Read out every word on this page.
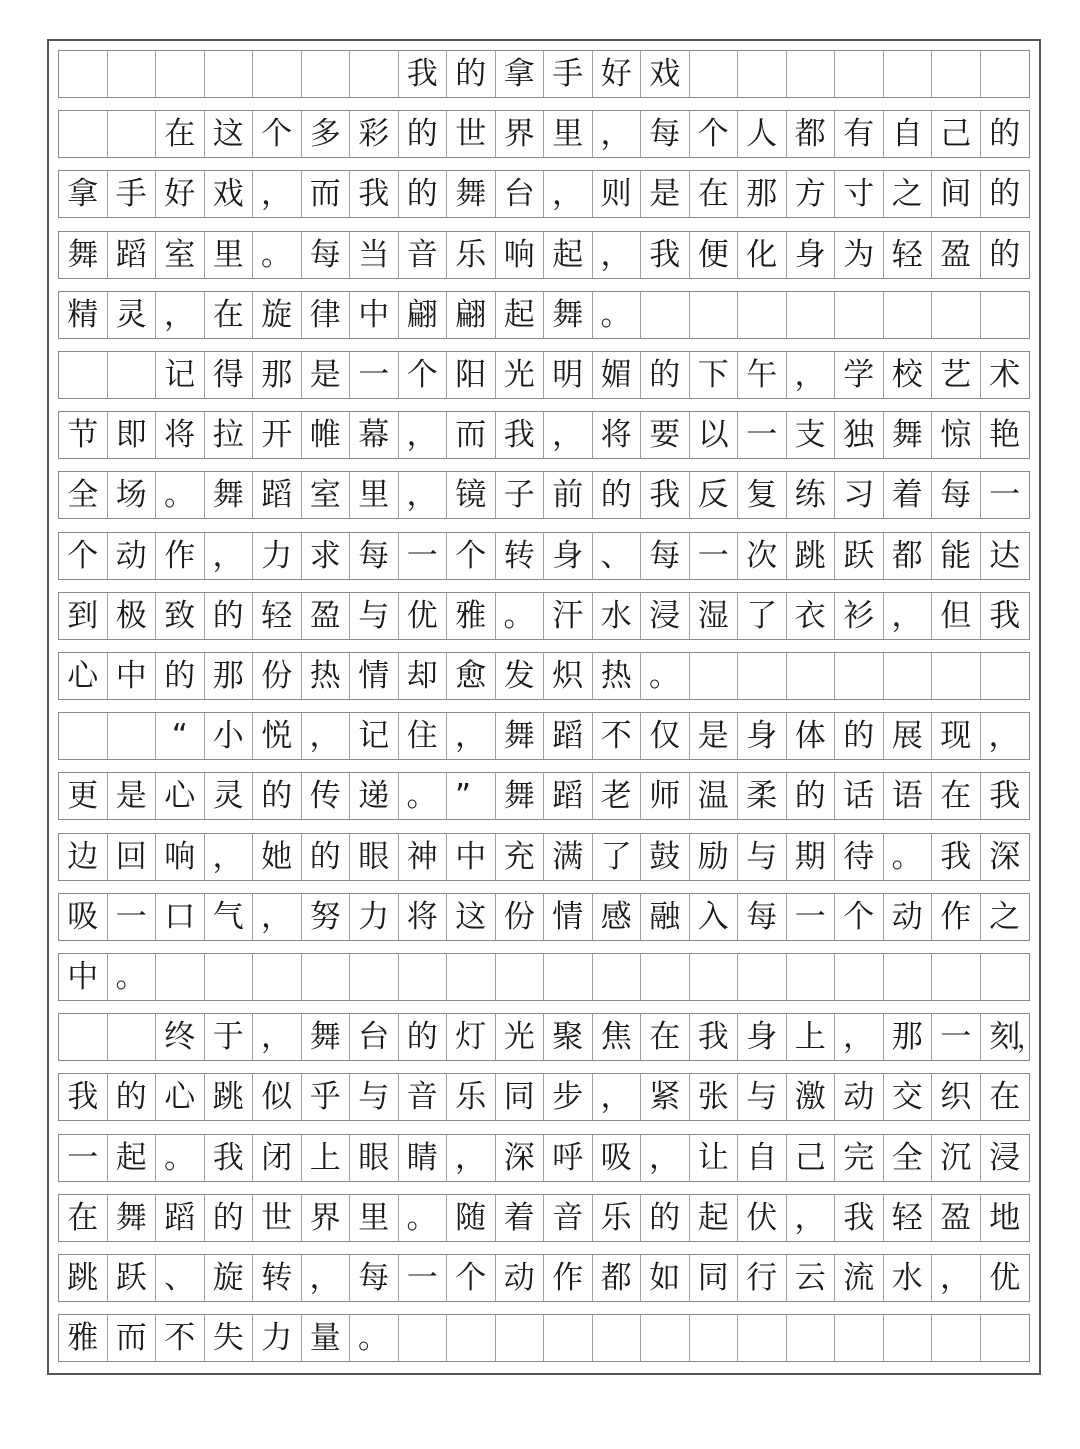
我 的 拿 手 好 戏
在 这 个 多 彩 的 世 界 里 ， 每 个 人 都 有 自 己 的
拿 手 好 戏 ， 而 我 的 舞 台 ， 则 是 在 那 方 寸 之 间 的
舞 蹈 室 里 。 每 当 音 乐 响 起 ， 我 便 化 身 为 轻 盈 的
精 灵 ， 在 旋 律 中 翩 翩 起 舞 。
记 得 那 是 一 个 阳 光 明 媚 的 下 午 ， 学 校 艺 术
节 即 将 拉 开 帷 幕 ， 而 我 ， 将 要 以 一 支 独 舞 惊 艳
全 场 。 舞 蹈 室 里 ， 镜 子 前 的 我 反 复 练 习 着 每 一
个 动 作 ， 力 求 每 一 个 转 身 、 每 一 次 跳 跃 都 能 达
到 极 致 的 轻 盈 与 优 雅 。 汗 水 浸 湿 了 衣 衫 ， 但 我
心 中 的 那 份 热 情 却 愈 发 炽 热 。
“ 小 悦 ， 记 住 ， 舞 蹈 不 仅 是 身 体 的 展 现 ，
更 是 心 灵 的 传 递 。 ”	舞 蹈 老 师 温 柔 的 话 语 在 我
边 回 响 ， 她 的 眼 神 中 充 满 了 鼓 励 与 期 待 。 我 深
吸 一 口 气 ， 努 力 将 这 份 情 感 融 入 每 一 个 动 作 之
中 。
终 于 ， 舞 台 的 灯 光 聚 焦 在 我 身 上 ， 那 一 刻
，
我 的 心 跳 似 乎 与 音 乐 同 步 ， 紧 张 与 激 动 交 织 在
一 起 。 我 闭 上 眼 睛 ， 深 呼 吸 ， 让 自 己 完 全 沉 浸
在 舞 蹈 的 世 界 里 。 随 着 音 乐 的 起 伏 ， 我 轻 盈 地
跳 跃 、 旋 转 ， 每 一 个 动 作 都 如 同 行 云 流 水 ， 优
雅 而 不 失 力 量 。
